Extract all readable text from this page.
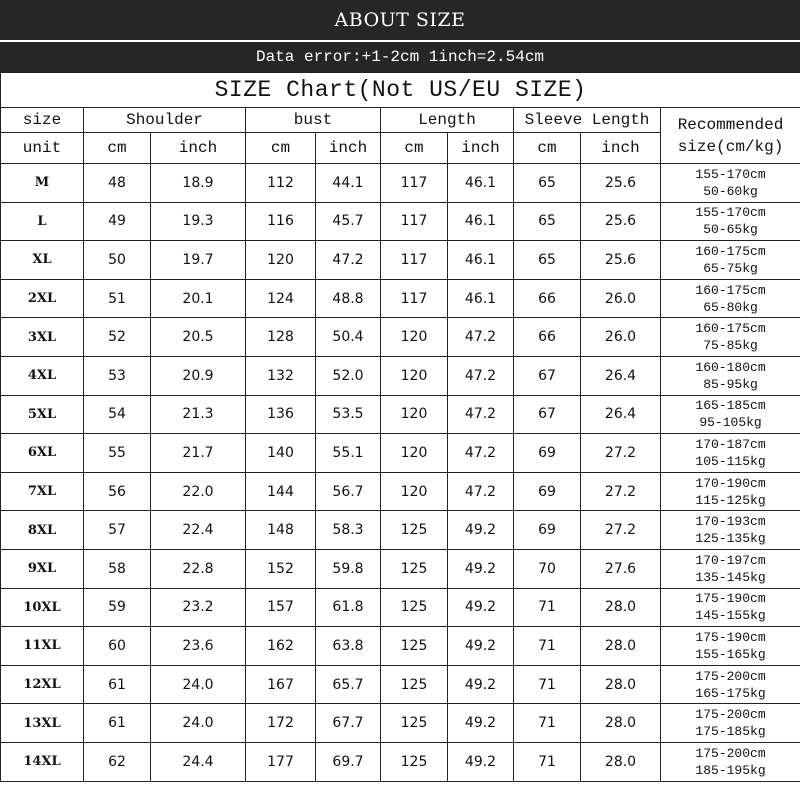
ABOUT SIZE
Data error:+1-2cm 1inch=2.54cm
SIZE Chart(Not US/EU SIZE)									
size	Shoulder		bust		Length		Sleeve Length		Recommended size(cm/kg)
unit	cm	inch	cm	inch	cm	inch	cm	inch	
M	48	18.9	112	44.1	117	46.1	65	25.6	155-170cm
50-60kg

L	49	19.3	116	45.7	117	46.1	65	25.6	155-170cm
50-65kg

XL	50	19.7	120	47.2	117	46.1	65	25.6	160-175cm
65-75kg

2XL	51	20.1	124	48.8	117	46.1	66	26.0	160-175cm
65-80kg

3XL	52	20.5	128	50.4	120	47.2	66	26.0	160-175cm
75-85kg

4XL	53	20.9	132	52.0	120	47.2	67	26.4	160-180cm
85-95kg

5XL	54	21.3	136	53.5	120	47.2	67	26.4	165-185cm
95-105kg

6XL	55	21.7	140	55.1	120	47.2	69	27.2	170-187cm
105-115kg

7XL	56	22.0	144	56.7	120	47.2	69	27.2	170-190cm
115-125kg

8XL	57	22.4	148	58.3	125	49.2	69	27.2	170-193cm
125-135kg

9XL	58	22.8	152	59.8	125	49.2	70	27.6	170-197cm
135-145kg

10XL	59	23.2	157	61.8	125	49.2	71	28.0	175-190cm
145-155kg

11XL	60	23.6	162	63.8	125	49.2	71	28.0	175-190cm
155-165kg

12XL	61	24.0	167	65.7	125	49.2	71	28.0	175-200cm
165-175kg

13XL	61	24.0	172	67.7	125	49.2	71	28.0	175-200cm
175-185kg

14XL	62	24.4	177	69.7	125	49.2	71	28.0	175-200cm
185-195kg
